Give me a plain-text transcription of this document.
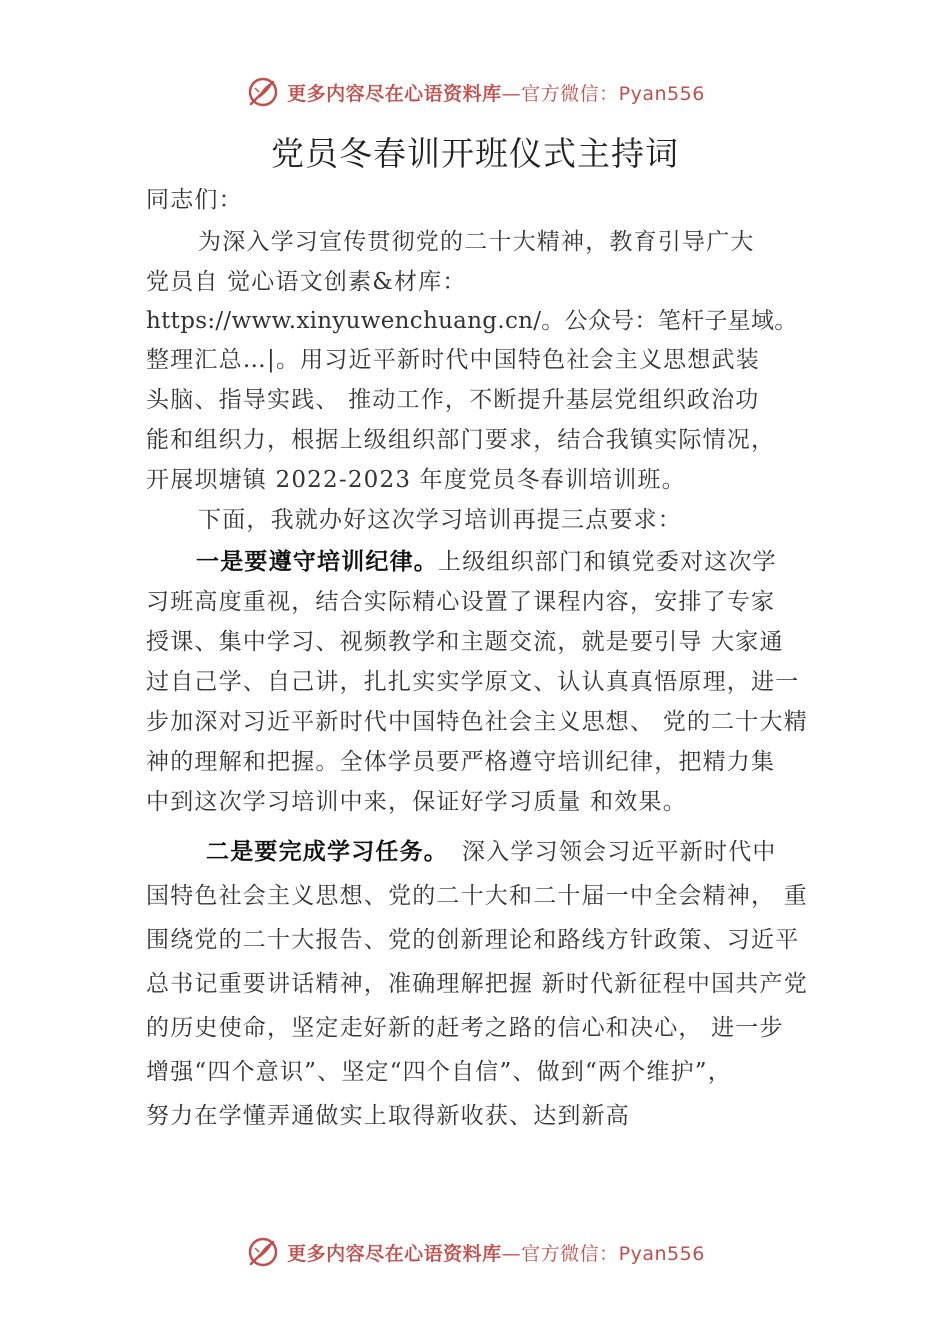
更多内容尽在心语资料库—官方微信：Pyan556
党员冬春训开班仪式主持词
同志们：
为深入学习宣传贯彻党的二十大精神，教育引导广大
党员自 觉心语文创素&材库：
https://www.xinyuwenchuang.cn/。公众号：笔杆子星域。
整理汇总…|。用习近平新时代中国特色社会主义思想武装
头脑、指导实践、 推动工作，不断提升基层党组织政治功
能和组织力，根据上级组织部门要求，结合我镇实际情况，
开展坝塘镇 2022-2023 年度党员冬春训培训班。
下面，我就办好这次学习培训再提三点要求：
一是要遵守培训纪律。上级组织部门和镇党委对这次学
习班高度重视，结合实际精心设置了课程内容，安排了专家
授课、集中学习、视频教学和主题交流，就是要引导 大家通
过自己学、自己讲，扎扎实实学原文、认认真真悟原理，进一
步加深对习近平新时代中国特色社会主义思想、 党的二十大精
神的理解和把握。全体学员要严格遵守培训纪律，把精力集
中到这次学习培训中来，保证好学习质量 和效果。
二是要完成学习任务。 深入学习领会习近平新时代中
国特色社会主义思想、党的二十大和二十届一中全会精神， 重
围绕党的二十大报告、党的创新理论和路线方针政策、习近平
总书记重要讲话精神，准确理解把握 新时代新征程中国共产党
的历史使命，坚定走好新的赶考之路的信心和决心， 进一步
增强“四个意识”、坚定“四个自信”、做到“两个维护”，
努力在学懂弄通做实上取得新收获、达到新高
更多内容尽在心语资料库—官方微信：Pyan556
